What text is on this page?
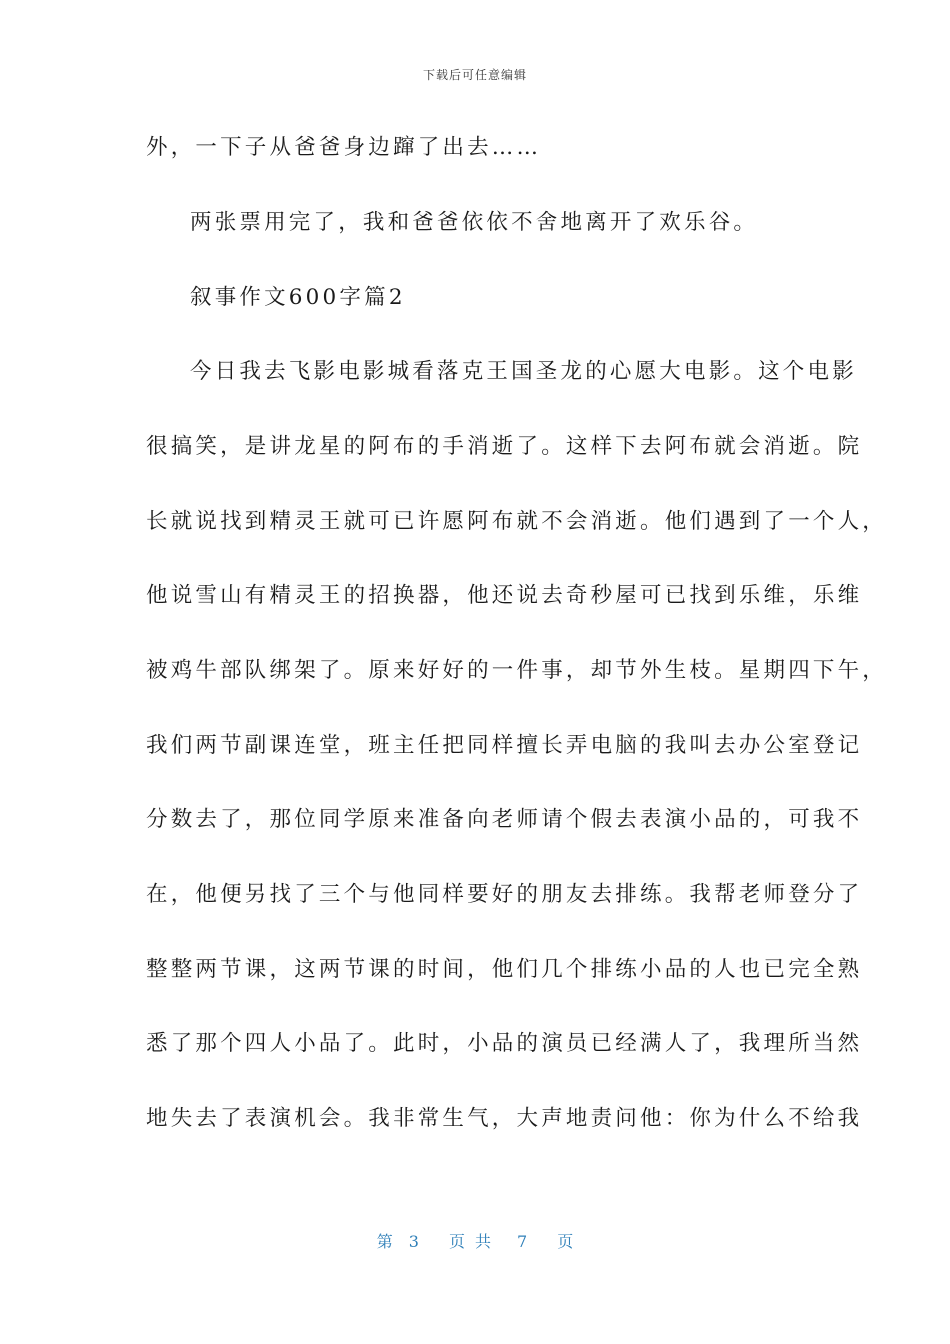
下载后可任意编辑
外，一下子从爸爸身边蹿了出去……
两张票用完了，我和爸爸依依不舍地离开了欢乐谷。
叙事作文600字篇2
今日我去飞影电影城看落克王国圣龙的心愿大电影。这个电影
很搞笑，是讲龙星的阿布的手消逝了。这样下去阿布就会消逝。院
长就说找到精灵王就可已许愿阿布就不会消逝。他们遇到了一个人，
他说雪山有精灵王的招换器，他还说去奇秒屋可已找到乐维，乐维
被鸡牛部队绑架了。原来好好的一件事，却节外生枝。星期四下午，
我们两节副课连堂，班主任把同样擅长弄电脑的我叫去办公室登记
分数去了，那位同学原来准备向老师请个假去表演小品的，可我不
在，他便另找了三个与他同样要好的朋友去排练。我帮老师登分了
整整两节课，这两节课的时间，他们几个排练小品的人也已完全熟
悉了那个四人小品了。此时，小品的演员已经满人了，我理所当然
地失去了表演机会。我非常生气，大声地责问他：你为什么不给我
第 3 页共 7 页
